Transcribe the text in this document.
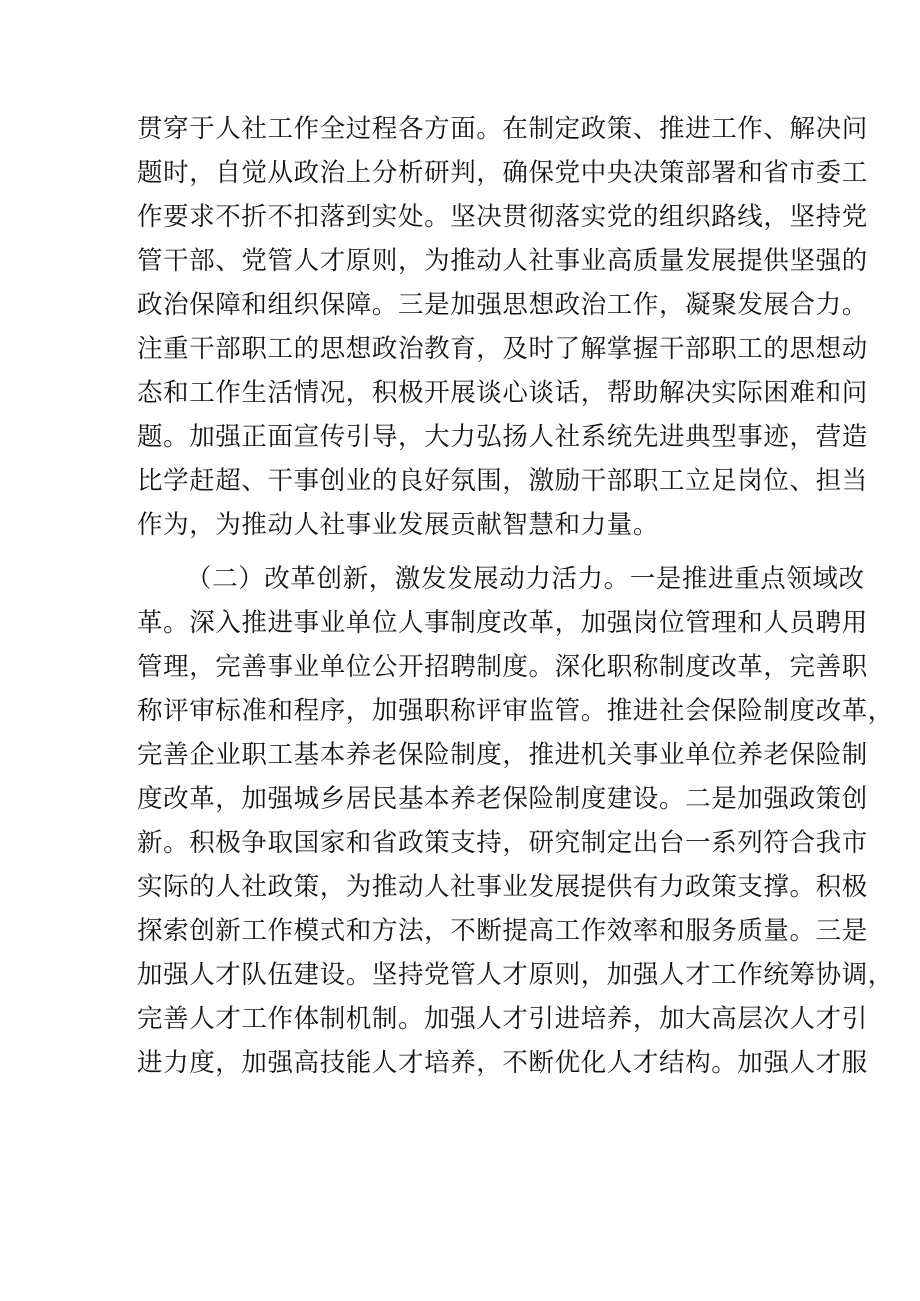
贯穿于人社工作全过程各方面。在制定政策、推进工作、解决问
题时，自觉从政治上分析研判，确保党中央决策部署和省市委工
作要求不折不扣落到实处。坚决贯彻落实党的组织路线，坚持党
管干部、党管人才原则，为推动人社事业高质量发展提供坚强的
政治保障和组织保障。三是加强思想政治工作，凝聚发展合力。
注重干部职工的思想政治教育，及时了解掌握干部职工的思想动
态和工作生活情况，积极开展谈心谈话，帮助解决实际困难和问
题。加强正面宣传引导，大力弘扬人社系统先进典型事迹，营造
比学赶超、干事创业的良好氛围，激励干部职工立足岗位、担当
作为，为推动人社事业发展贡献智慧和力量。
（二）改革创新，激发发展动力活力。一是推进重点领域改
革。深入推进事业单位人事制度改革，加强岗位管理和人员聘用
管理，完善事业单位公开招聘制度。深化职称制度改革，完善职
称评审标准和程序，加强职称评审监管。推进社会保险制度改革，
完善企业职工基本养老保险制度，推进机关事业单位养老保险制
度改革，加强城乡居民基本养老保险制度建设。二是加强政策创
新。积极争取国家和省政策支持，研究制定出台一系列符合我市
实际的人社政策，为推动人社事业发展提供有力政策支撑。积极
探索创新工作模式和方法，不断提高工作效率和服务质量。三是
加强人才队伍建设。坚持党管人才原则，加强人才工作统筹协调，
完善人才工作体制机制。加强人才引进培养，加大高层次人才引
进力度，加强高技能人才培养，不断优化人才结构。加强人才服
